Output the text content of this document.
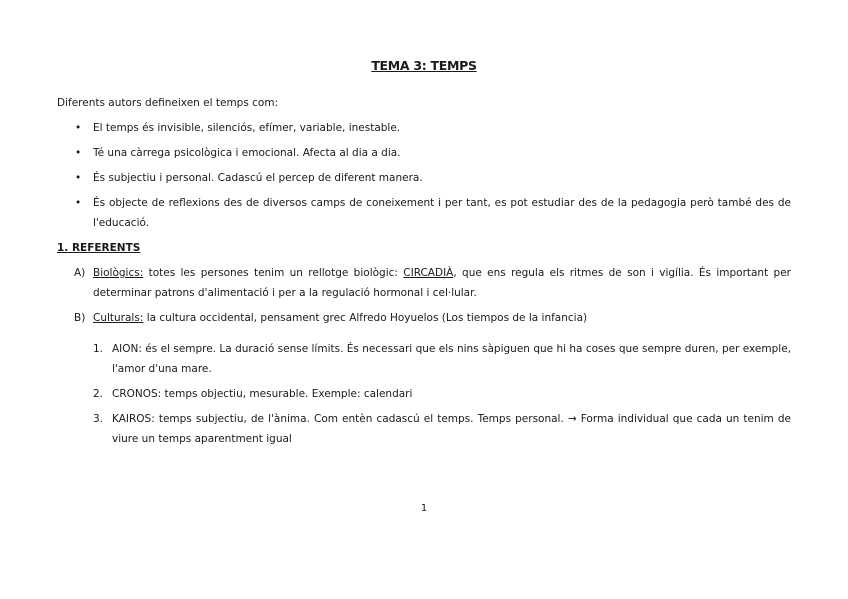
TEMA 3: TEMPS
Diferents autors defineixen el temps com:
• El temps és invisible, silenciós, efímer, variable, inestable.
• Té una càrrega psicològica i emocional. Afecta al dia a dia.
• És subjectiu i personal. Cadascú el percep de diferent manera.
• És objecte de reflexions des de diversos camps de coneixement i per tant, es pot estudiar des de la pedagogia però també des de l'educació.
1. REFERENTS
A) Biològics: totes les persones tenim un rellotge biològic: CIRCADIÀ, que ens regula els ritmes de son i vigília. És important per determinar patrons d'alimentació i per a la regulació hormonal i cel·lular.
B) Culturals: la cultura occidental, pensament grec Alfredo Hoyuelos (Los tiempos de la infancia)
1. AION: és el sempre. La duració sense límits. És necessari que els nins sàpiguen que hi ha coses que sempre duren, per exemple, l'amor d'una mare.
2. CRONOS: temps objectiu, mesurable. Exemple: calendari
3. KAIROS: temps subjectiu, de l'ànima. Com entèn cadascú el temps. Temps personal. → Forma individual que cada un tenim de viure un temps aparentment igual
1
